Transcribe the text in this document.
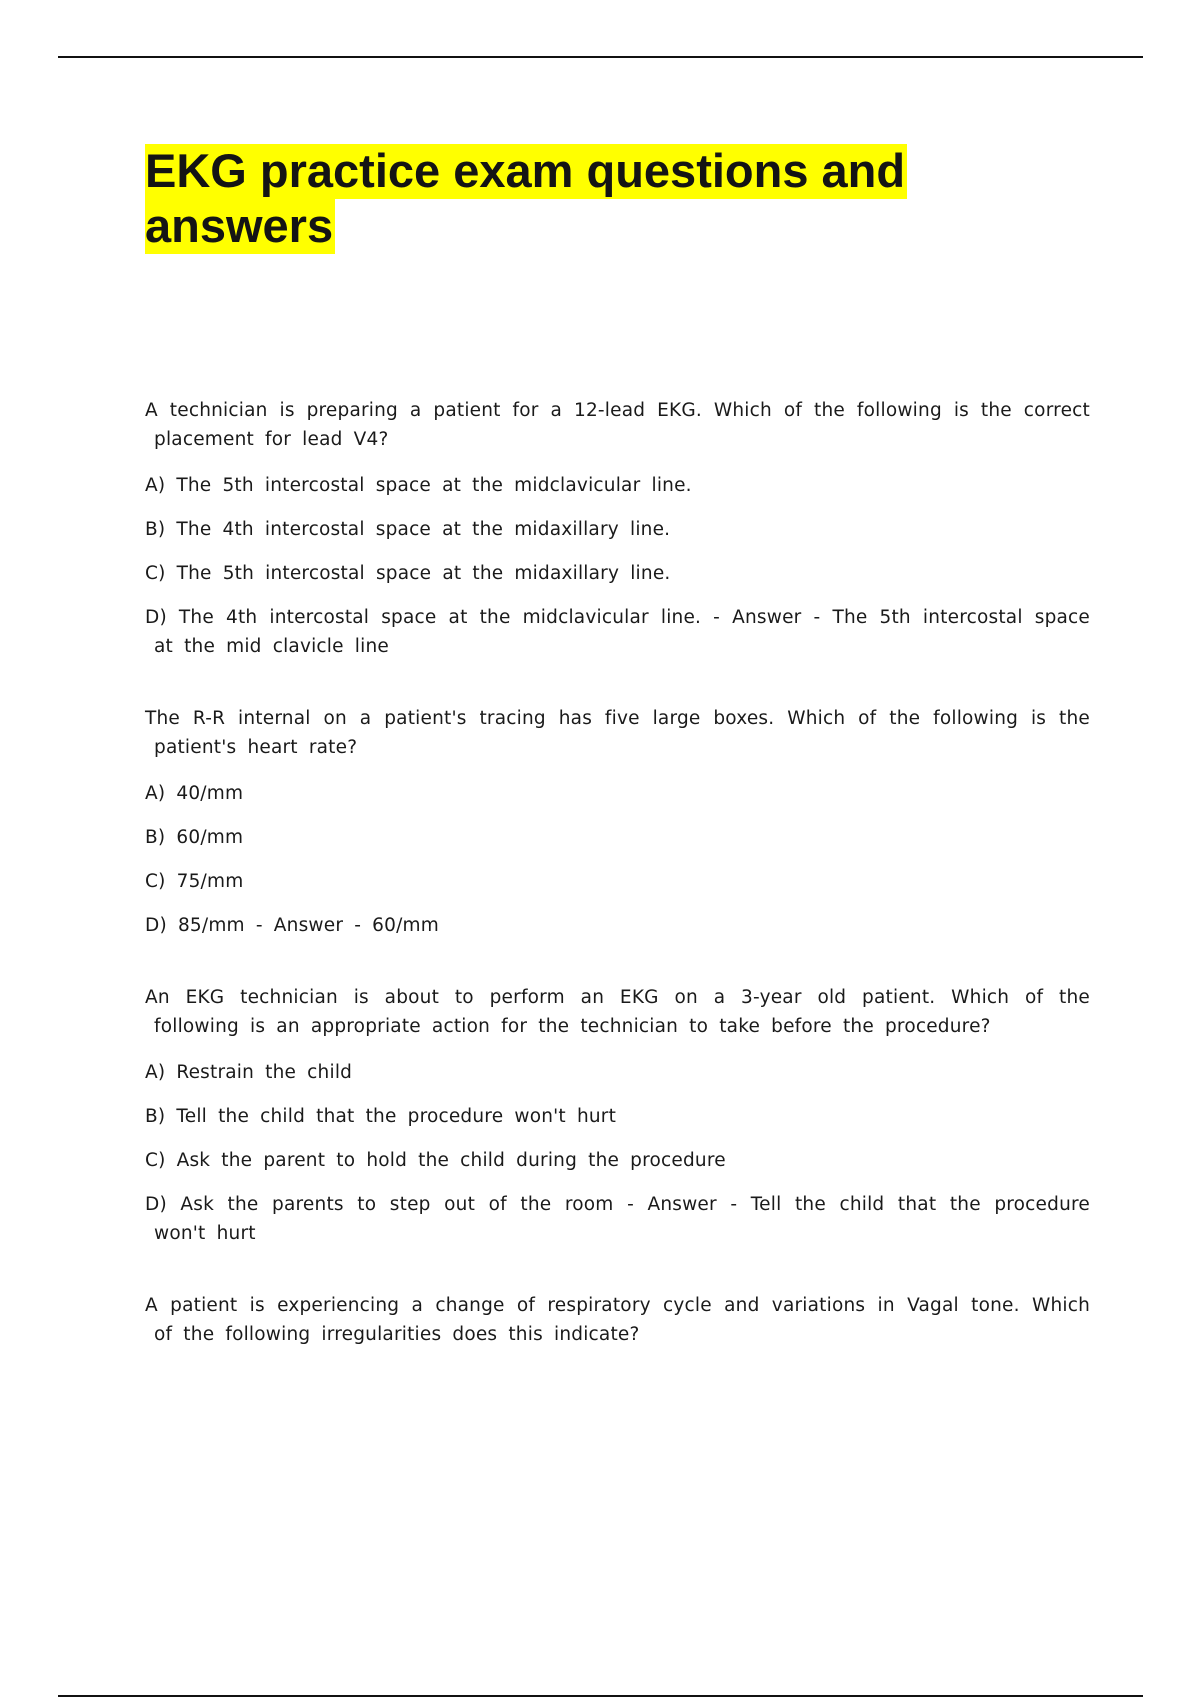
EKG practice exam questions and answers

A technician is preparing a patient for a 12-lead EKG. Which of the following is the correct placement for lead V4?

A) The 5th intercostal space at the midclavicular line.

B) The 4th intercostal space at the midaxillary line.

C) The 5th intercostal space at the midaxillary line.

D) The 4th intercostal space at the midclavicular line. - Answer - The 5th intercostal space at the mid clavicle line

The R-R internal on a patient's tracing has five large boxes. Which of the following is the patient's heart rate?

A) 40/mm

B) 60/mm

C) 75/mm

D) 85/mm - Answer - 60/mm

An EKG technician is about to perform an EKG on a 3-year old patient. Which of the following is an appropriate action for the technician to take before the procedure?

A) Restrain the child

B) Tell the child that the procedure won't hurt

C) Ask the parent to hold the child during the procedure

D) Ask the parents to step out of the room - Answer - Tell the child that the procedure won't hurt

A patient is experiencing a change of respiratory cycle and variations in Vagal tone. Which of the following irregularities does this indicate?
